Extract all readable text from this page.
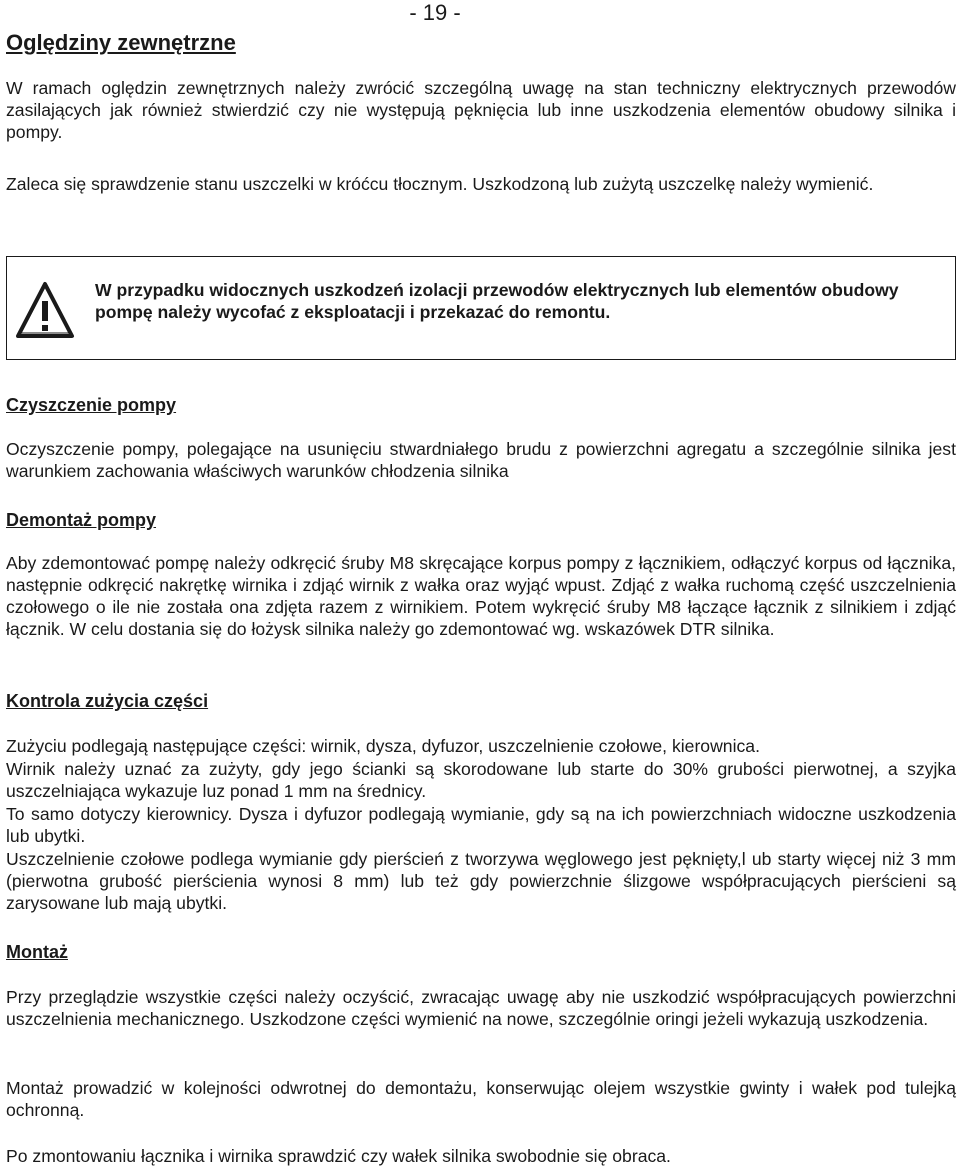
- 19 -
Oględziny zewnętrzne

W ramach oględzin zewnętrznych należy zwrócić szczególną uwagę na stan techniczny elektrycznych przewodów zasilających jak również stwierdzić czy nie występują pęknięcia lub inne uszkodzenia elementów obudowy silnika i pompy.

Zaleca się sprawdzenie stanu uszczelki w króćcu tłocznym. Uszkodzoną lub zużytą uszczelkę należy wymienić.

W przypadku widocznych uszkodzeń izolacji przewodów elektrycznych lub elementów obudowy pompę należy wycofać z eksploatacji i przekazać do remontu.

Czyszczenie pompy

Oczyszczenie pompy, polegające na usunięciu stwardniałego brudu z powierzchni agregatu a szczególnie silnika jest warunkiem zachowania właściwych warunków chłodzenia silnika

Demontaż pompy

Aby zdemontować pompę należy odkręcić śruby M8 skręcające korpus pompy z łącznikiem, odłączyć korpus od łącznika, następnie odkręcić nakrętkę wirnika i zdjąć wirnik z wałka oraz wyjąć wpust. Zdjąć z wałka ruchomą część uszczelnienia czołowego o ile nie została ona zdjęta razem z wirnikiem. Potem wykręcić śruby M8 łączące łącznik z silnikiem i zdjąć łącznik. W celu dostania się do łożysk silnika należy go zdemontować wg. wskazówek DTR silnika.

Kontrola zużycia części

Zużyciu podlegają następujące części: wirnik, dysza, dyfuzor, uszczelnienie czołowe, kierownica.

Wirnik należy uznać za zużyty, gdy jego ścianki są skorodowane lub starte do 30% grubości pierwotnej, a szyjka uszczelniająca wykazuje luz ponad 1 mm na średnicy.

To samo dotyczy kierownicy. Dysza i dyfuzor podlegają wymianie, gdy są na ich powierzchniach widoczne uszkodzenia lub ubytki.

Uszczelnienie czołowe podlega wymianie gdy pierścień z tworzywa węglowego jest pęknięty,l ub starty więcej niż 3 mm (pierwotna grubość pierścienia wynosi 8 mm) lub też gdy powierzchnie ślizgowe współpracujących pierścieni są zarysowane lub mają ubytki.

Montaż

Przy przeglądzie wszystkie części należy oczyścić, zwracając uwagę aby nie uszkodzić współpracujących powierzchni uszczelnienia mechanicznego. Uszkodzone części wymienić na nowe, szczególnie oringi jeżeli wykazują uszkodzenia.

Montaż prowadzić w kolejności odwrotnej do demontażu, konserwując olejem wszystkie gwinty i wałek pod tulejką ochronną.

Po zmontowaniu łącznika i wirnika sprawdzić czy wałek silnika swobodnie się obraca.
